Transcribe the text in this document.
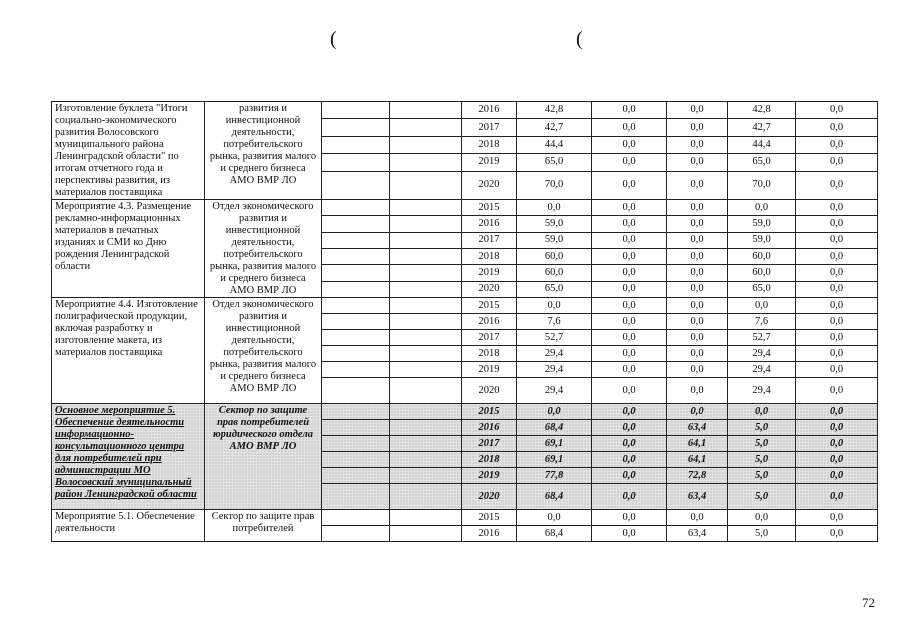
(	(
Изготовление буклета "Итоги социально-экономического развития Волосовского муниципального района Ленинградской области" по итогам отчетного года и перспективы развития, из материалов поставщика	развития и инвестиционной деятельности, потребительского рынка, развития малого и среднего бизнеса АМО ВМР ЛО			2016	42,8	0,0	0,0	42,8	0,0
				2017	42,7	0,0	0,0	42,7	0,0
				2018	44,4	0,0	0,0	44,4	0,0
				2019	65,0	0,0	0,0	65,0	0,0
				2020	70,0	0,0	0,0	70,0	0,0
Мероприятие 4.3. Размещение рекламно-информационных материалов в печатных изданиях и СМИ ко Дню рождения Ленинградской области	Отдел экономического развития и инвестиционной деятельности, потребительского рынка, развития малого и среднего бизнеса АМО ВМР ЛО			2015	0,0	0,0	0,0	0,0	0,0
				2016	59,0	0,0	0,0	59,0	0,0
				2017	59,0	0,0	0,0	59,0	0,0
				2018	60,0	0,0	0,0	60,0	0,0
				2019	60,0	0,0	0,0	60,0	0,0
				2020	65,0	0,0	0,0	65,0	0,0
Мероприятие 4.4. Изготовление полиграфической продукции, включая разработку и изготовление макета, из материалов поставщика	Отдел экономического развития и инвестиционной деятельности, потребительского рынка, развития малого и среднего бизнеса АМО ВМР ЛО			2015	0,0	0,0	0,0	0,0	0,0
				2016	7,6	0,0	0,0	7,6	0,0
				2017	52,7	0,0	0,0	52,7	0,0
				2018	29,4	0,0	0,0	29,4	0,0
				2019	29,4	0,0	0,0	29,4	0,0
				2020	29,4	0,0	0,0	29,4	0,0
Основное мероприятие 5. Обеспечение деятельности информационно-консультационного центра для потребителей при администрации МО Волосовский муниципальный район Ленинградской области	Сектор по защите прав потребителей юридического отдела АМО ВМР ЛО			2015	0,0	0,0	0,0	0,0	0,0
				2016	68,4	0,0	63,4	5,0	0,0
				2017	69,1	0,0	64,1	5,0	0,0
				2018	69,1	0,0	64,1	5,0	0,0
				2019	77,8	0,0	72,8	5,0	0,0
				2020	68,4	0,0	63,4	5,0	0,0
Мероприятие 5.1. Обеспечение деятельности	Сектор по защите прав потребителей			2015	0,0	0,0	0,0	0,0	0,0
				2016	68,4	0,0	63,4	5,0	0,0
72
